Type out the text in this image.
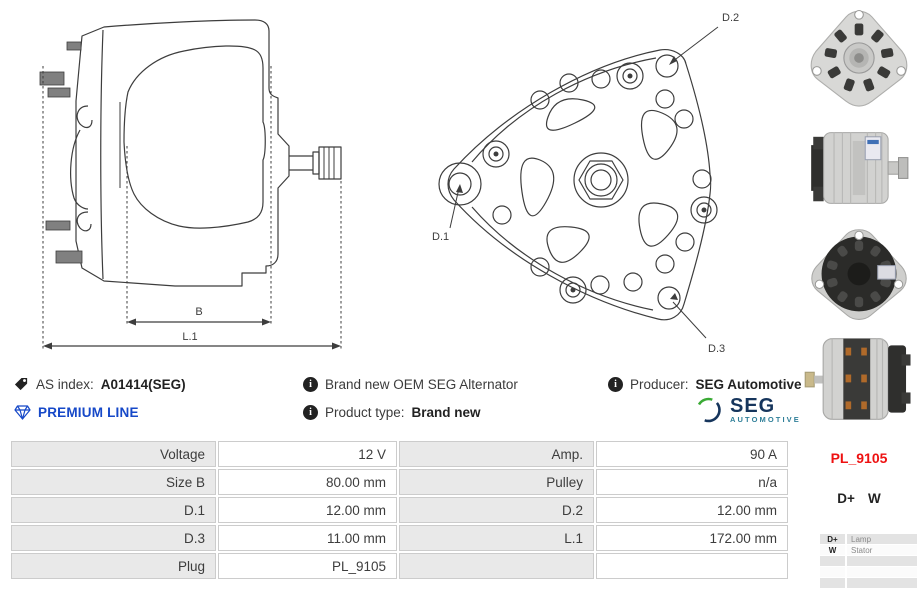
B
L.1
D.2
D.1
D.3
AS index: A01414(SEG)	i Brand new OEM SEG Alternator	i Producer: SEG Automotive
PREMIUM LINE	i Product type: Brand new	SEG
AUTOMOTIVE
Voltage	12 V	Amp.	90 A
Size B	80.00 mm	Pulley	n/a
D.1	12.00 mm	D.2	12.00 mm
D.3	11.00 mm	L.1	172.00 mm
Plug	PL_9105
PL_9105
D+ W
D+	Lamp
W	Stator
